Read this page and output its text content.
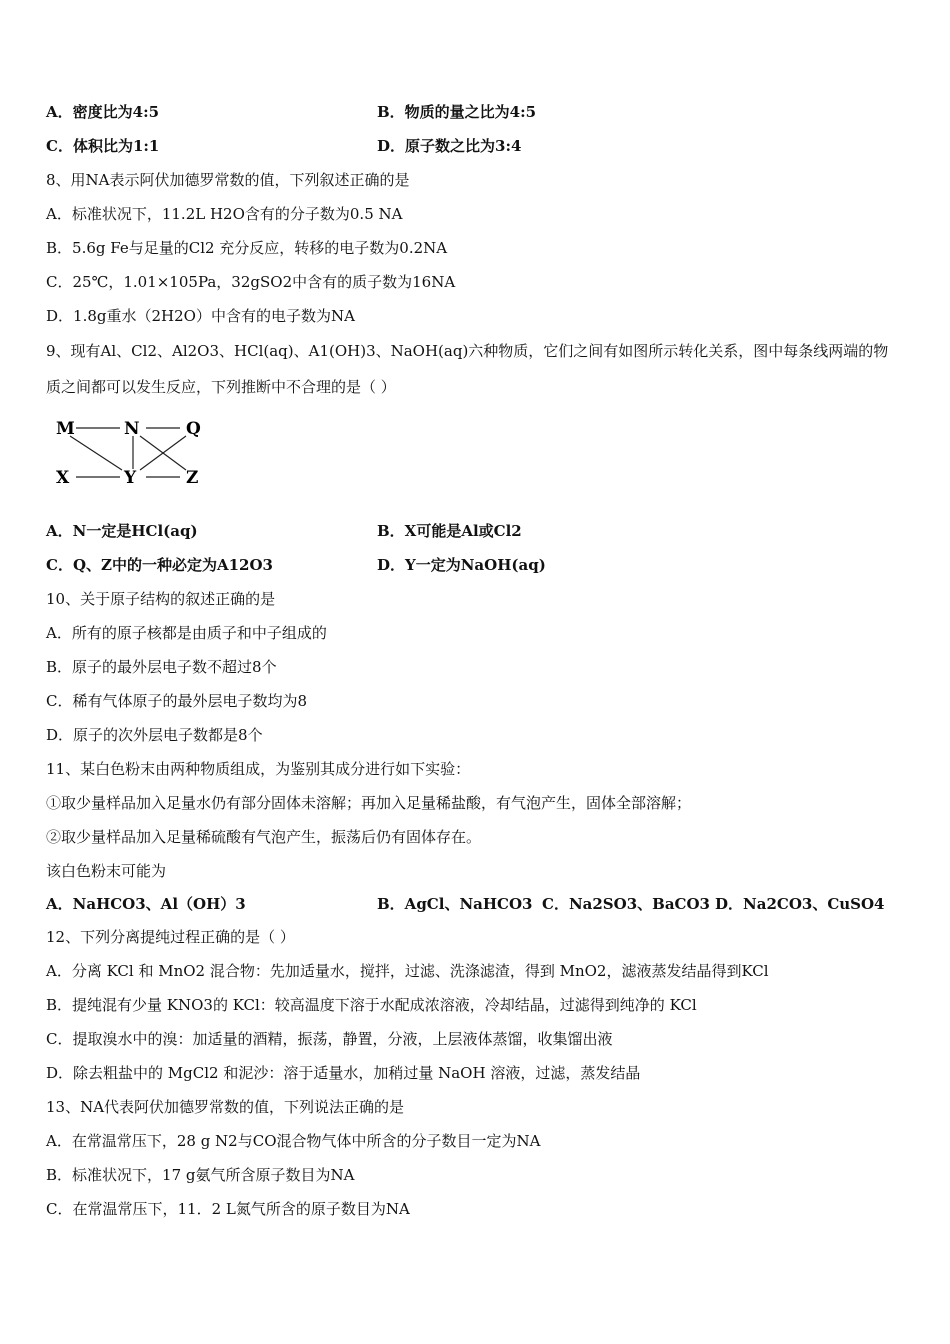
A．密度比为4:5	B．物质的量之比为4:5
C．体积比为1:1	D．原子数之比为3:4
8、用NA表示阿伏加德罗常数的值，下列叙述正确的是
A．标准状况下，11.2L H2O含有的分子数为0.5 NA
B．5.6g Fe与足量的Cl2 充分反应，转移的电子数为0.2NA
C．25℃，1.01×105Pa，32gSO2中含有的质子数为16NA
D．1.8g重水（2H2O）中含有的电子数为NA
9、现有Al、Cl2、Al2O3、HCl(aq)、A1(OH)3、NaOH(aq)六种物质，它们之间有如图所示转化关系，图中每条线两端的物
质之间都可以发生反应，下列推断中不合理的是（ ）
M	N	Q
X	Y	Z
A．N一定是HCl(aq)	B．X可能是Al或Cl2
C．Q、Z中的一种必定为A12O3	D．Y一定为NaOH(aq)
10、关于原子结构的叙述正确的是
A．所有的原子核都是由质子和中子组成的
B．原子的最外层电子数不超过8个
C．稀有气体原子的最外层电子数均为8
D．原子的次外层电子数都是8个
11、某白色粉末由两种物质组成，为鉴别其成分进行如下实验：
①取少量样品加入足量水仍有部分固体未溶解；再加入足量稀盐酸，有气泡产生，固体全部溶解；
②取少量样品加入足量稀硫酸有气泡产生，振荡后仍有固体存在。
该白色粉末可能为
A．NaHCO3、Al（OH）3	B．AgCl、NaHCO3 C．Na2SO3、BaCO3 D．Na2CO3、CuSO4
12、下列分离提纯过程正确的是（ ）
A．分离 KCl 和 MnO2 混合物：先加适量水，搅拌，过滤、洗涤滤渣，得到 MnO2，滤液蒸发结晶得到KCl
B．提纯混有少量 KNO3的 KCl：较高温度下溶于水配成浓溶液，冷却结晶，过滤得到纯净的 KCl
C．提取溴水中的溴：加适量的酒精，振荡，静置，分液，上层液体蒸馏，收集馏出液
D．除去粗盐中的 MgCl2 和泥沙：溶于适量水，加稍过量 NaOH 溶液，过滤，蒸发结晶
13、NA代表阿伏加德罗常数的值，下列说法正确的是
A．在常温常压下，28 g N2与CO混合物气体中所含的分子数目一定为NA
B．标准状况下，17 g氨气所含原子数目为NA
C．在常温常压下，11．2 L氮气所含的原子数目为NA
